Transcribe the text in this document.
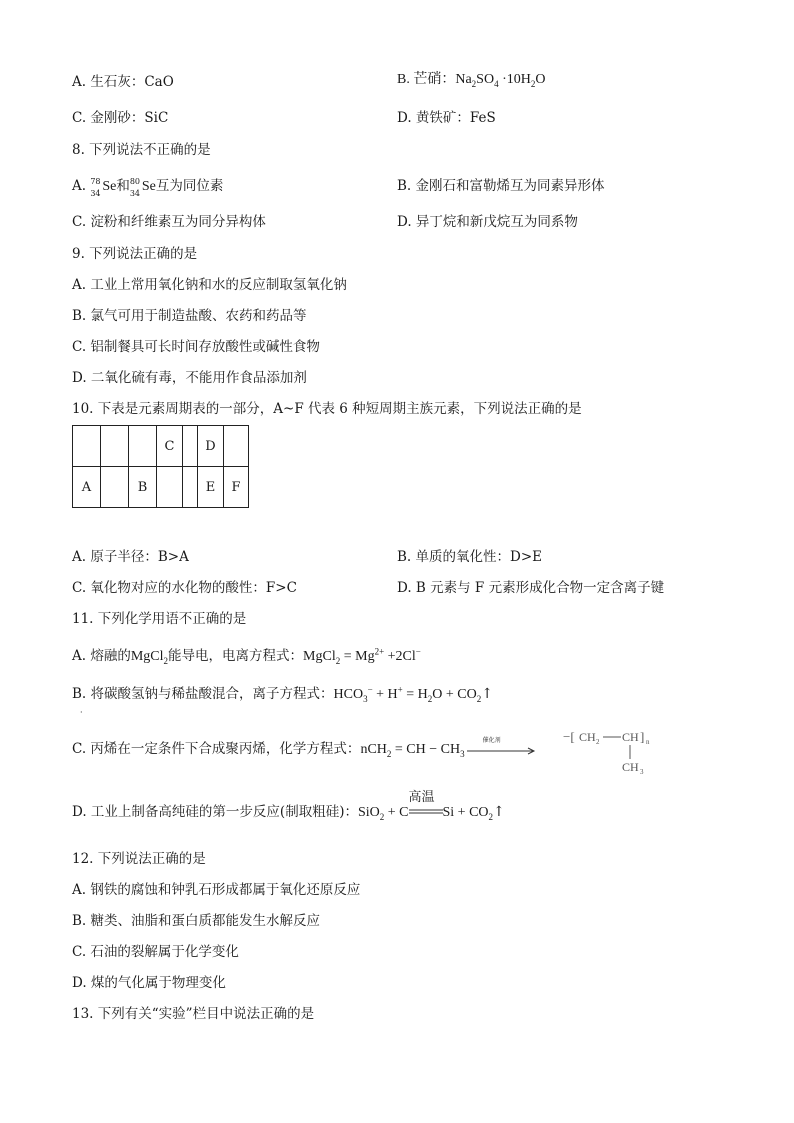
A. 生石灰：CaO	B. 芒硝：$Na_2SO_4 \cdot 10H_2O$
C. 金刚砂：SiC	D. 黄铁矿：FeS
8. 下列说法不正确的是
A. 78
34 Se和 80
34 Se互为同位素	B. 金刚石和富勒烯互为同素异形体
C. 淀粉和纤维素互为同分异构体	D. 异丁烷和新戊烷互为同系物
9. 下列说法正确的是
A. 工业上常用氧化钠和水的反应制取氢氧化钠
B. 氯气可用于制造盐酸、农药和药品等
C. 铝制餐具可长时间存放酸性或碱性食物
D. 二氧化硫有毒，不能用作食品添加剂
10. 下表是元素周期表的一部分，A~F 代表 6 种短周期主族元素，下列说法正确的是
			C		D	
A		B			E	F
A. 原子半径：B>A	B. 单质的氧化性：D>E
C. 氧化物对应的水化物的酸性：F>C	D. B 元素与 F 元素形成化合物一定含离子键
11. 下列化学用语不正确的是
A. 熔融的MgCl$_2$能导电，电离方程式：MgCl$_2$ = $Mg^{2+} +2Cl^-$
B. 将碳酸氢钠与稀盐酸混合，离子方程式：$HCO_3^- + H^+ = H_2O$ + $CO_2↑$
·
C. 丙烯在一定条件下合成聚丙烯，化学方程式：nCH$_2$ = CH − $CH_3$
催化剂	−[ CH 2 CH ] n
CH 3
D. 工业上制备高纯硅的第一步反应(制取粗硅)：SiO$_2$ + C
高温
$Si + CO_2↑$
12. 下列说法正确的是
A. 钢铁的腐蚀和钟乳石形成都属于氧化还原反应
B. 糖类、油脂和蛋白质都能发生水解反应
C. 石油的裂解属于化学变化
D. 煤的气化属于物理变化
13. 下列有关“实验”栏目中说法正确的是
